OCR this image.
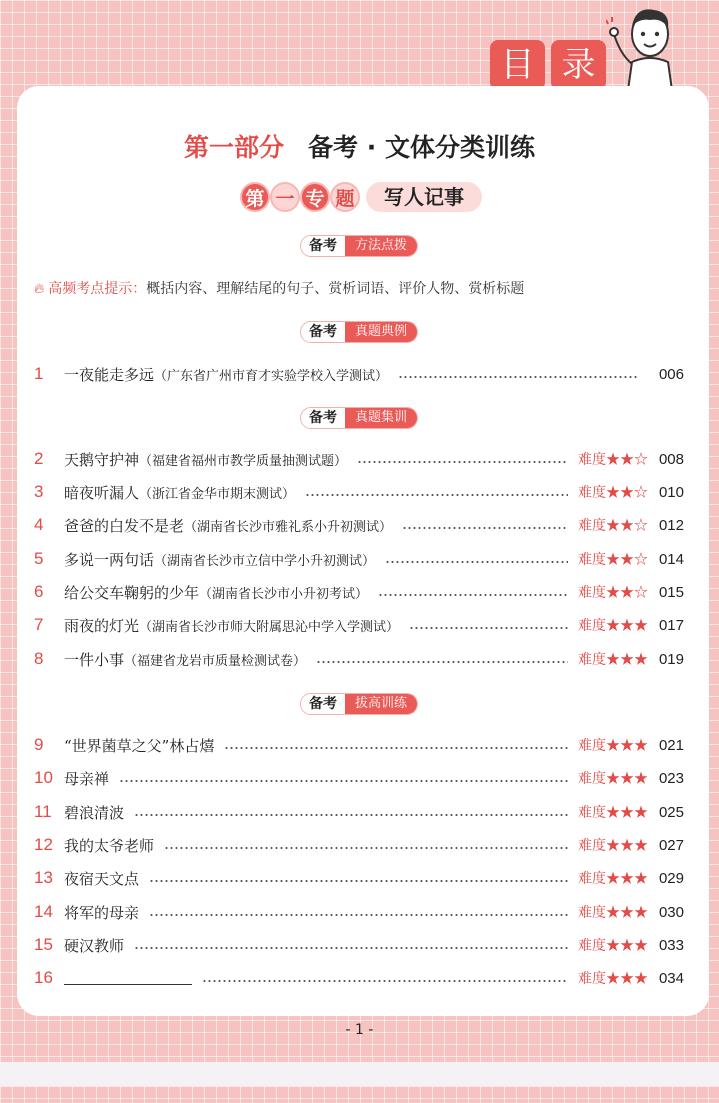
目 录
第一部分 备考 · 文体分类训练
第 一 专 题	写人记事
备考	方法点拨
🔥︎ 高频考点提示：概括内容、理解结尾的句子、赏析词语、评价人物、赏析标题
备考	真题典例
备考	真题集训
备考	拔高训练
1	一夜能走多远 （广东省广州市育才实验学校入学测试）	006
2	天鹅守护神 （福建省福州市教学质量抽测试题）	难度★★☆ 008
3	暗夜听漏人 （浙江省金华市期末测试）	难度★★☆ 010
4	爸爸的白发不是老 （湖南省长沙市雅礼系小升初测试）	难度★★☆ 012
5	多说一两句话 （湖南省长沙市立信中学小升初测试）	难度★★☆ 014
6	给公交车鞠躬的少年 （湖南省长沙市小升初考试）	难度★★☆ 015
7	雨夜的灯光 （湖南省长沙市师大附属思沁中学入学测试）	难度★★★ 017
8	一件小事 （福建省龙岩市质量检测试卷）	难度★★★ 019
9	“世界菌草之父”林占熺	难度★★★ 021
10 母亲禅	难度★★★ 023
11 碧浪清波	难度★★★ 025
12 我的太爷老师	难度★★★ 027
13 夜宿天文点	难度★★★ 029
14 将军的母亲	难度★★★ 030
15 硬汉教师	难度★★★ 033
16	难度★★★ 034
- 1 -
